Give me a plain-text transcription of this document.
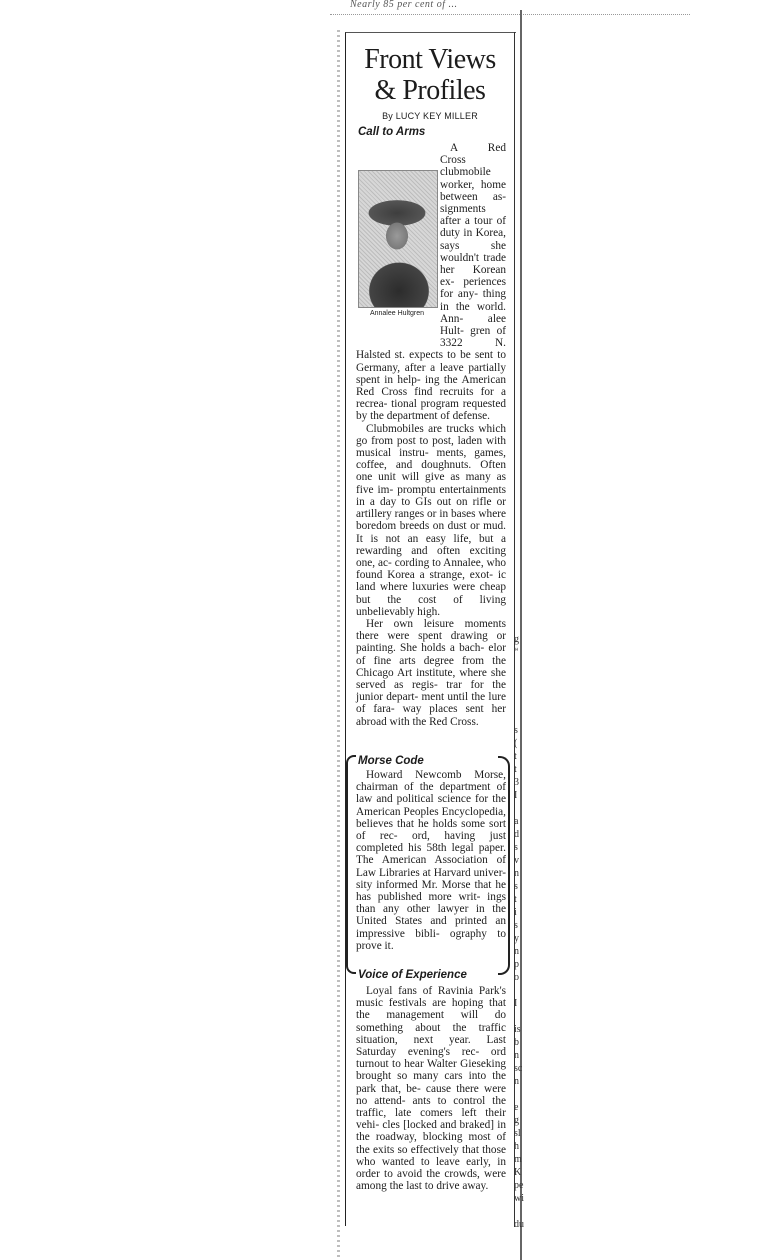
Nearly 85 per cent of ...
Front Views
& Profiles
By LUCY KEY MILLER
Call to Arms
Annalee Hultgren

A Red Cross clubmobile worker, home between as- signments after a tour of duty in Korea, says she wouldn't trade her Korean ex- periences for any- thing in the world. Ann- alee Hult- gren of 3322 N. Halsted st. expects to be sent to Germany, after a leave partially spent in help- ing the American Red Cross find recruits for a recrea- tional program requested by the department of defense.

Clubmobiles are trucks which go from post to post, laden with musical instru- ments, games, coffee, and doughnuts. Often one unit will give as many as five im- promptu entertainments in a day to GIs out on rifle or artillery ranges or in bases where boredom breeds on dust or mud. It is not an easy life, but a rewarding and often exciting one, ac- cording to Annalee, who found Korea a strange, exot- ic land where luxuries were cheap but the cost of living unbelievably high.

Her own leisure moments there were spent drawing or painting. She holds a bach- elor of fine arts degree from the Chicago Art institute, where she served as regis- trar for the junior depart- ment until the lure of fara- way places sent her abroad with the Red Cross.

Morse Code

Howard Newcomb Morse, chairman of the department of law and political science for the American Peoples Encyclopedia, believes that he holds some sort of rec- ord, having just completed his 58th legal paper. The American Association of Law Libraries at Harvard univer- sity informed Mr. Morse that he has published more writ- ings than any other lawyer in the United States and printed an impressive bibli- ography to prove it.

Voice of Experience

Loyal fans of Ravinia Park's music festivals are hoping that the management will do something about the traffic situation, next year. Last Saturday evening's rec- ord turnout to hear Walter Gieseking brought so many cars into the park that, be- cause there were no attend- ants to control the traffic, late comers left their vehi- cles [locked and braked] in the roadway, blocking most of the exits so effectively that those who wanted to leave early, in order to avoid the crowds, were among the last to drive away.

g
“

s
(
t
t
3
I

a
d
s
v
n
s
t
i
s
y
n
p
o

I

is
b
n
sc
n

e
g
sl
h
m
K
pe
wi

du
